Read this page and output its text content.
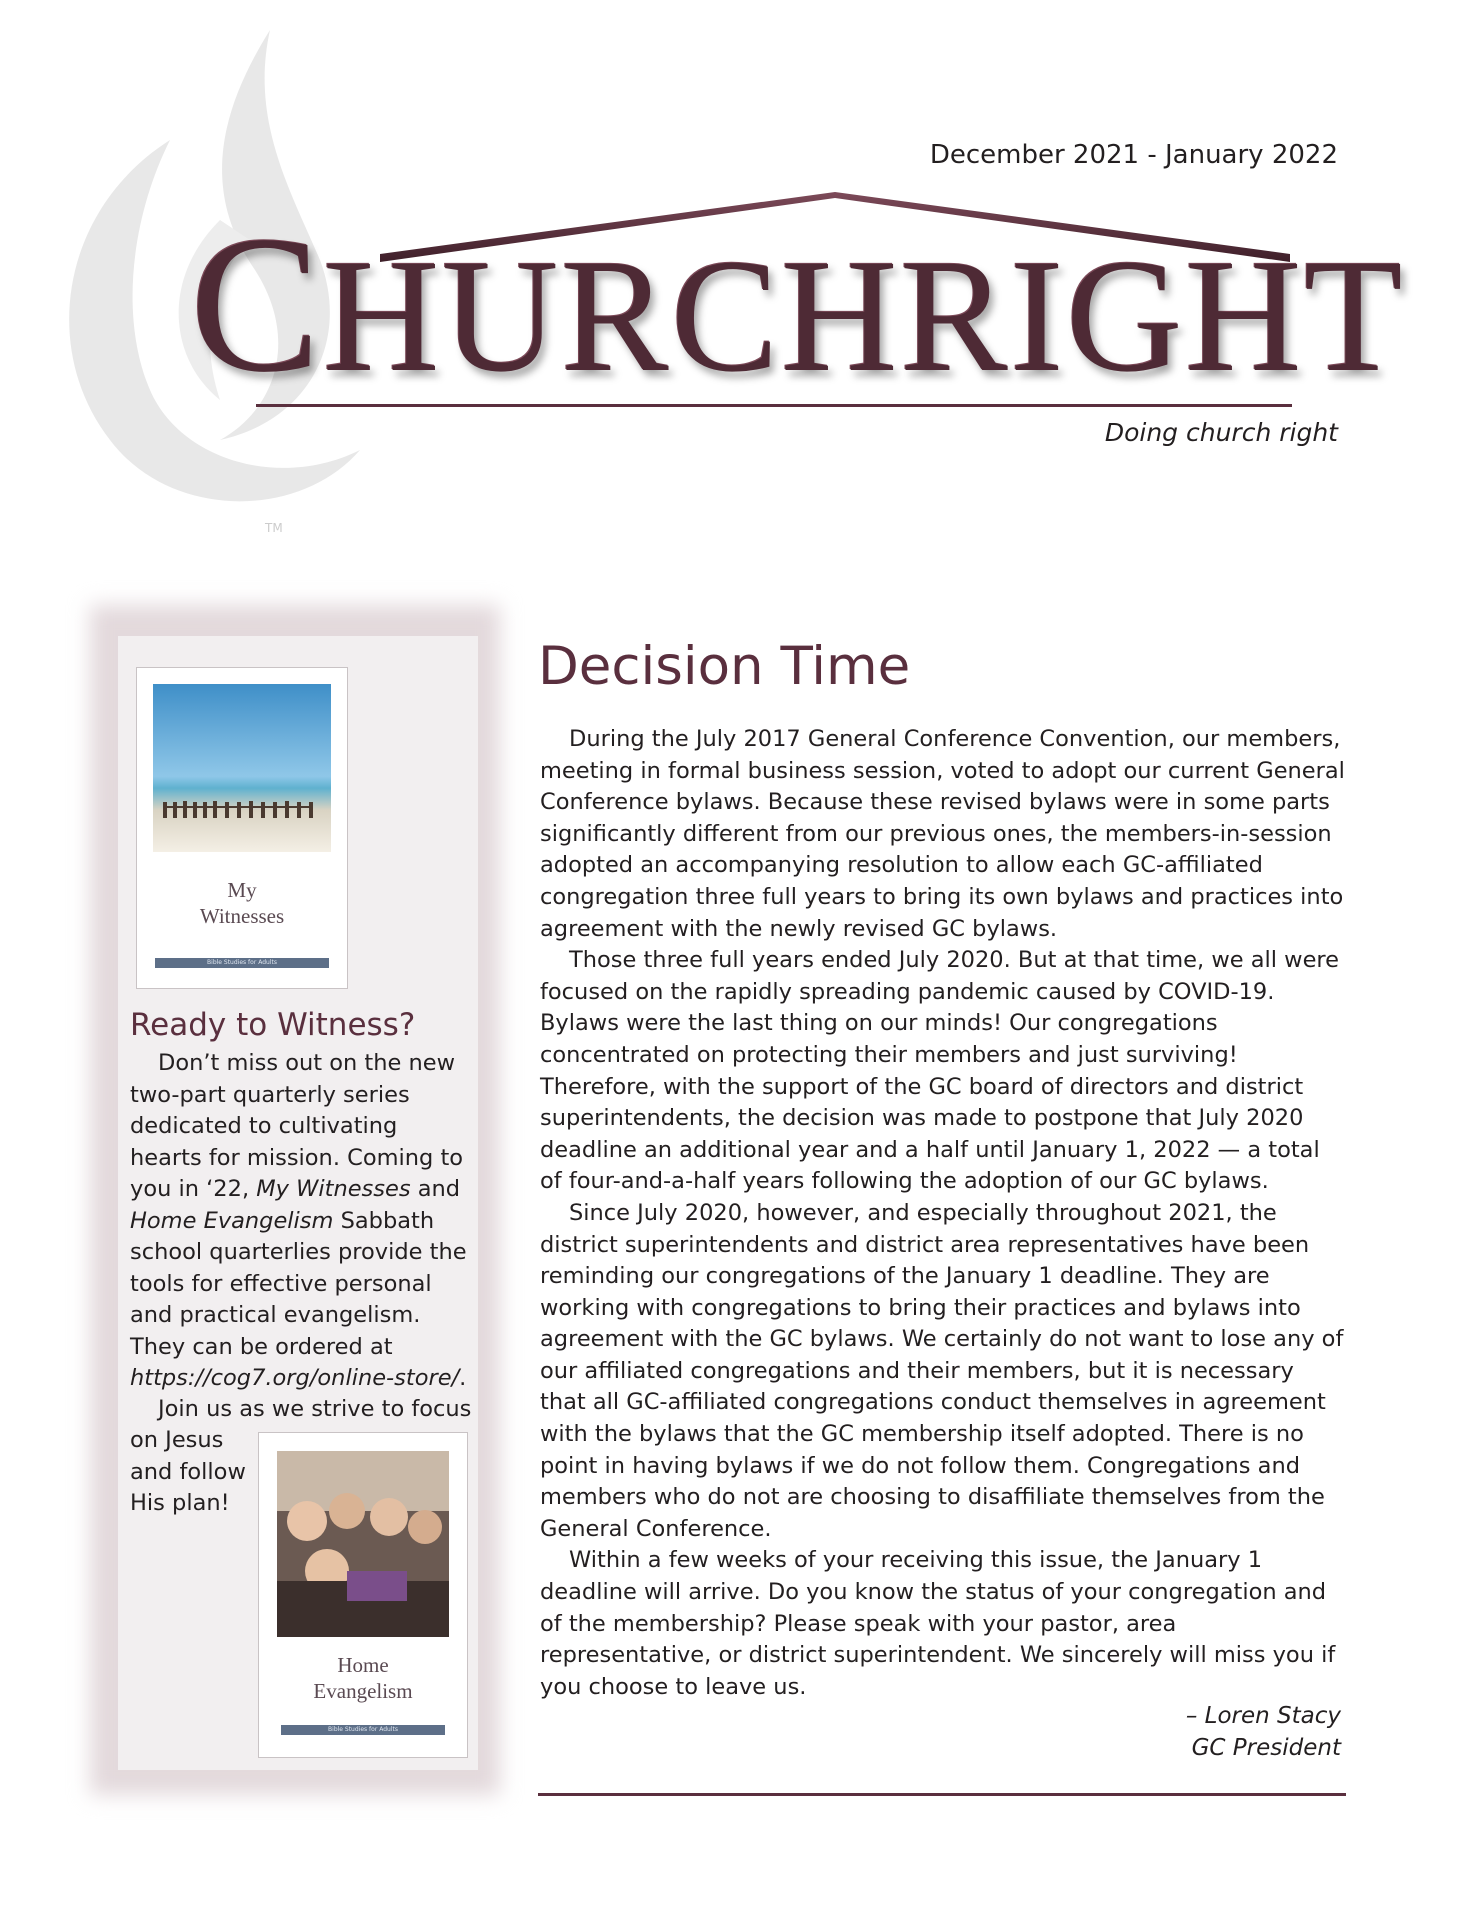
TM
December 2021 - January 2022
CHURCHRIGHT
Doing church right
My
Witnesses
Bible Studies for Adults
Ready to Witness?

Don’t miss out on the new two-part quarterly series dedicated to cultivating hearts for mission. Coming to you in ‘22, My Witnesses and Home Evangelism Sabbath school quarterlies provide the tools for effective personal and practical evangelism. They can be ordered at https://cog7.org/online-store/.

Join us as we strive to focus

on Jesus and follow His plan!
Home
Evangelism
Bible Studies for Adults
Decision Time

During the July 2017 General Conference Convention, our members, meeting in formal business session, voted to adopt our current General Conference bylaws. Because these revised bylaws were in some parts significantly different from our previous ones, the members-in-session adopted an accompanying resolution to allow each GC-affiliated congregation three full years to bring its own bylaws and practices into agreement with the newly revised GC bylaws.

Those three full years ended July 2020. But at that time, we all were focused on the rapidly spreading pandemic caused by COVID-19. Bylaws were the last thing on our minds! Our congregations concentrated on protecting their members and just surviving! Therefore, with the support of the GC board of directors and district superintendents, the decision was made to postpone that July 2020 deadline an additional year and a half until January 1, 2022 — a total of four-and-a-half years following the adoption of our GC bylaws.

Since July 2020, however, and especially throughout 2021, the district superintendents and district area representatives have been reminding our congregations of the January 1 deadline. They are working with congregations to bring their practices and bylaws into agreement with the GC bylaws. We certainly do not want to lose any of our affiliated congregations and their members, but it is necessary that all GC-affiliated congregations conduct themselves in agreement with the bylaws that the GC membership itself adopted. There is no point in having bylaws if we do not follow them. Congregations and members who do not are choosing to disaffiliate themselves from the General Conference.

Within a few weeks of your receiving this issue, the January 1 deadline will arrive. Do you know the status of your congregation and of the membership? Please speak with your pastor, area representative, or district superintendent. We sincerely will miss you if you choose to leave us.

– Loren Stacy
GC President
